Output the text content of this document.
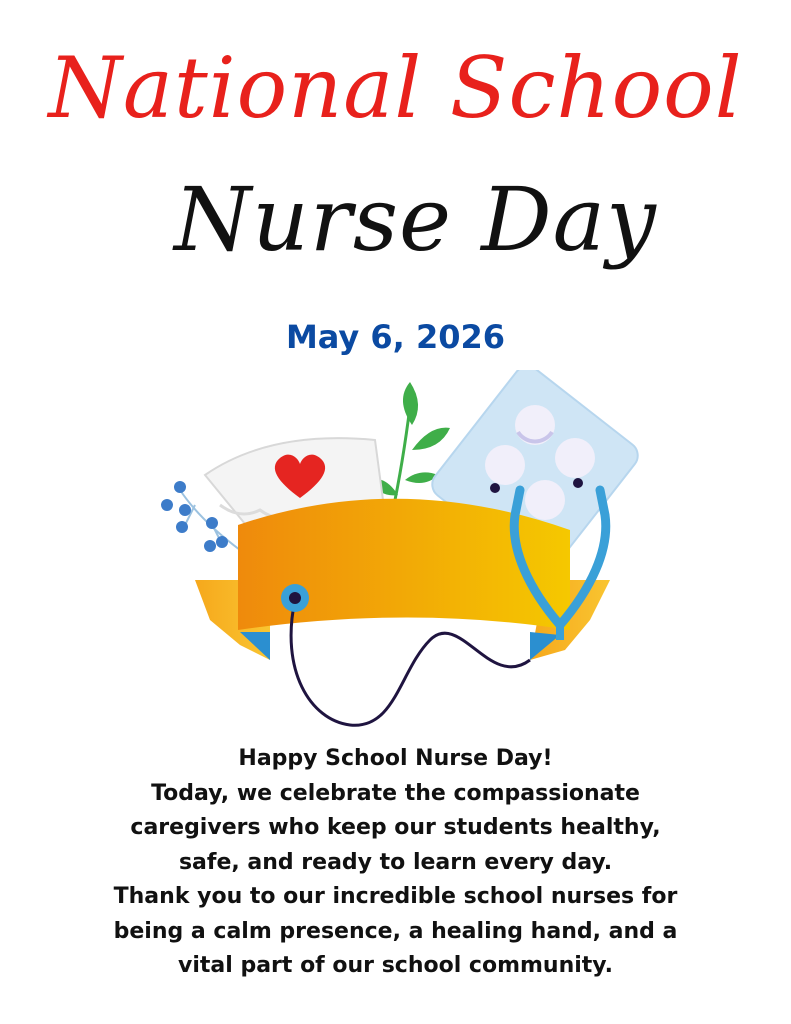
National School
Nurse Day
May 6, 2026
Happy School Nurse Day!
Today, we celebrate the compassionate
caregivers who keep our students healthy,
safe, and ready to learn every day.
Thank you to our incredible school nurses for
being a calm presence, a healing hand, and a
vital part of our school community.
